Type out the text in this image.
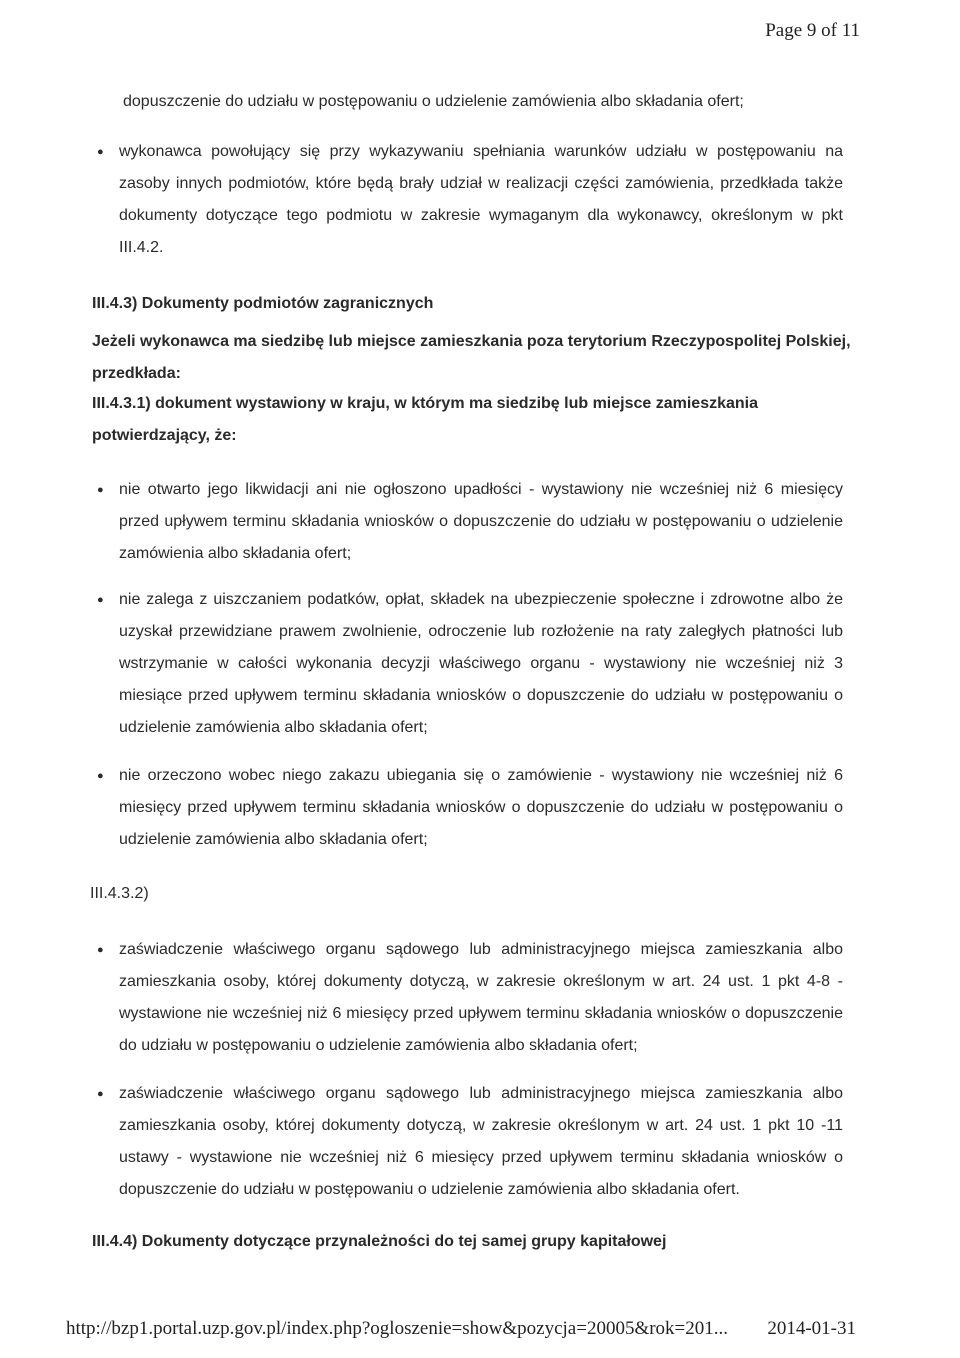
Page 9 of 11
dopuszczenie do udziału w postępowaniu o udzielenie zamówienia albo składania ofert;
● wykonawca powołujący się przy wykazywaniu spełniania warunków udziału w postępowaniu na zasoby innych podmiotów, które będą brały udział w realizacji części zamówienia, przedkłada także dokumenty dotyczące tego podmiotu w zakresie wymaganym dla wykonawcy, określonym w pkt III.4.2.
III.4.3) Dokumenty podmiotów zagranicznych
Jeżeli wykonawca ma siedzibę lub miejsce zamieszkania poza terytorium Rzeczypospolitej Polskiej, przedkłada:
III.4.3.1) dokument wystawiony w kraju, w którym ma siedzibę lub miejsce zamieszkania potwierdzający, że:
● nie otwarto jego likwidacji ani nie ogłoszono upadłości - wystawiony nie wcześniej niż 6 miesięcy przed upływem terminu składania wniosków o dopuszczenie do udziału w postępowaniu o udzielenie zamówienia albo składania ofert;
● nie zalega z uiszczaniem podatków, opłat, składek na ubezpieczenie społeczne i zdrowotne albo że uzyskał przewidziane prawem zwolnienie, odroczenie lub rozłożenie na raty zaległych płatności lub wstrzymanie w całości wykonania decyzji właściwego organu - wystawiony nie wcześniej niż 3 miesiące przed upływem terminu składania wniosków o dopuszczenie do udziału w postępowaniu o udzielenie zamówienia albo składania ofert;
● nie orzeczono wobec niego zakazu ubiegania się o zamówienie - wystawiony nie wcześniej niż 6 miesięcy przed upływem terminu składania wniosków o dopuszczenie do udziału w postępowaniu o udzielenie zamówienia albo składania ofert;
III.4.3.2)
● zaświadczenie właściwego organu sądowego lub administracyjnego miejsca zamieszkania albo zamieszkania osoby, której dokumenty dotyczą, w zakresie określonym w art. 24 ust. 1 pkt 4-8 - wystawione nie wcześniej niż 6 miesięcy przed upływem terminu składania wniosków o dopuszczenie do udziału w postępowaniu o udzielenie zamówienia albo składania ofert;
● zaświadczenie właściwego organu sądowego lub administracyjnego miejsca zamieszkania albo zamieszkania osoby, której dokumenty dotyczą, w zakresie określonym w art. 24 ust. 1 pkt 10 -11 ustawy - wystawione nie wcześniej niż 6 miesięcy przed upływem terminu składania wniosków o dopuszczenie do udziału w postępowaniu o udzielenie zamówienia albo składania ofert.
III.4.4) Dokumenty dotyczące przynależności do tej samej grupy kapitałowej
http://bzp1.portal.uzp.gov.pl/index.php?ogloszenie=show&pozycja=20005&rok=201... 2014-01-31
